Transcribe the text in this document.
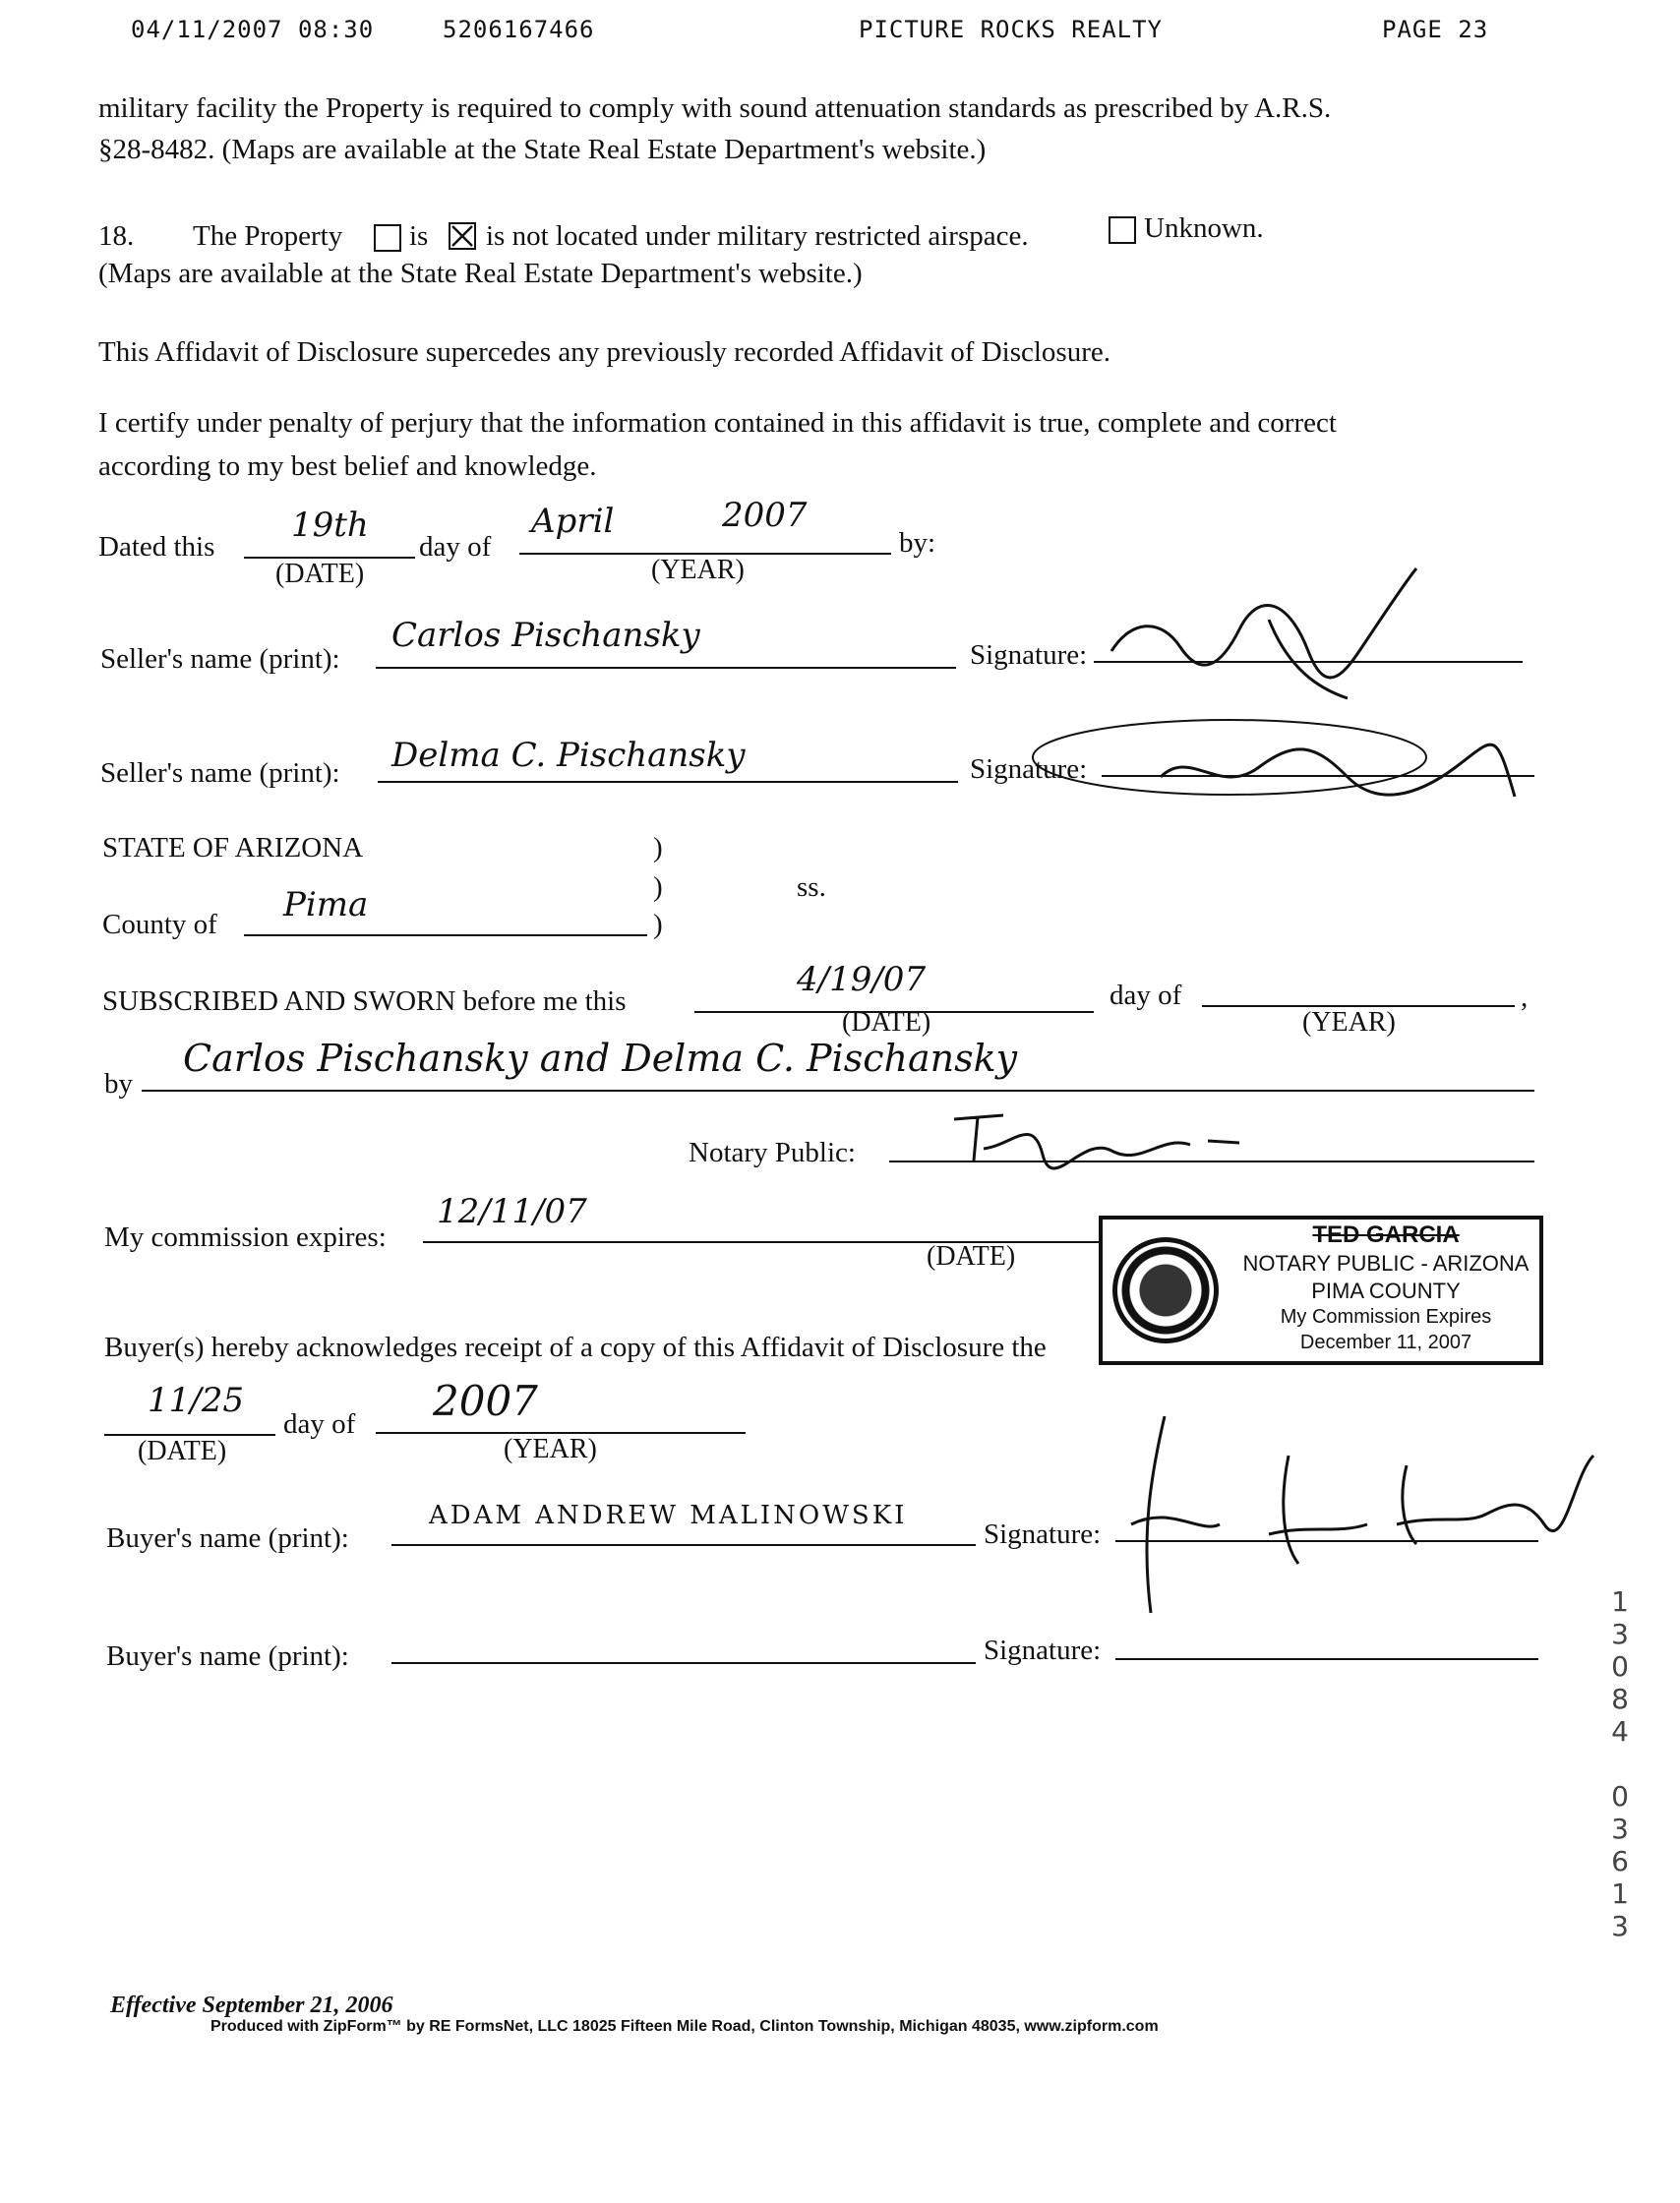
04/11/2007 08:30	5206167466	PICTURE ROCKS REALTY	PAGE 23
military facility the Property is required to comply with sound attenuation standards as prescribed by A.R.S.
§28-8482. (Maps are available at the State Real Estate Department's website.)
18. The Property is is not located under military restricted airspace.	Unknown.
(Maps are available at the State Real Estate Department's website.)
This Affidavit of Disclosure supercedes any previously recorded Affidavit of Disclosure.
I certify under penalty of perjury that the information contained in this affidavit is true, complete and correct
according to my best belief and knowledge.
Dated this
19th
(DATE)
day of
April	2007
(YEAR)
by:
Seller's name (print):
Carlos Pischansky	Signature:
Seller's name (print): Delma C. Pischansky	Signature:
STATE OF ARIZONA	)
)	ss.
County of Pima	)
SUBSCRIBED AND SWORN before me this
4/19/07
(DATE)
day of	,
(YEAR)
by
Carlos Pischansky and Delma C. Pischansky
Notary Public:
My commission expires:
12/11/07
(DATE)
TED GARCIA
NOTARY PUBLIC - ARIZONA
PIMA COUNTY
My Commission Expires
December 11, 2007
Buyer(s) hereby acknowledges receipt of a copy of this Affidavit of Disclosure the
11/25
(DATE)
day of 2007
(YEAR)
Buyer's name (print):
ADAM ANDREW MALINOWSKI
Signature:
Buyer's name (print):	Signature:
1
3
0
8
4

0
3
6
1
3
Effective September 21, 2006
Produced with ZipForm™ by RE FormsNet, LLC 18025 Fifteen Mile Road, Clinton Township, Michigan 48035, www.zipform.com
